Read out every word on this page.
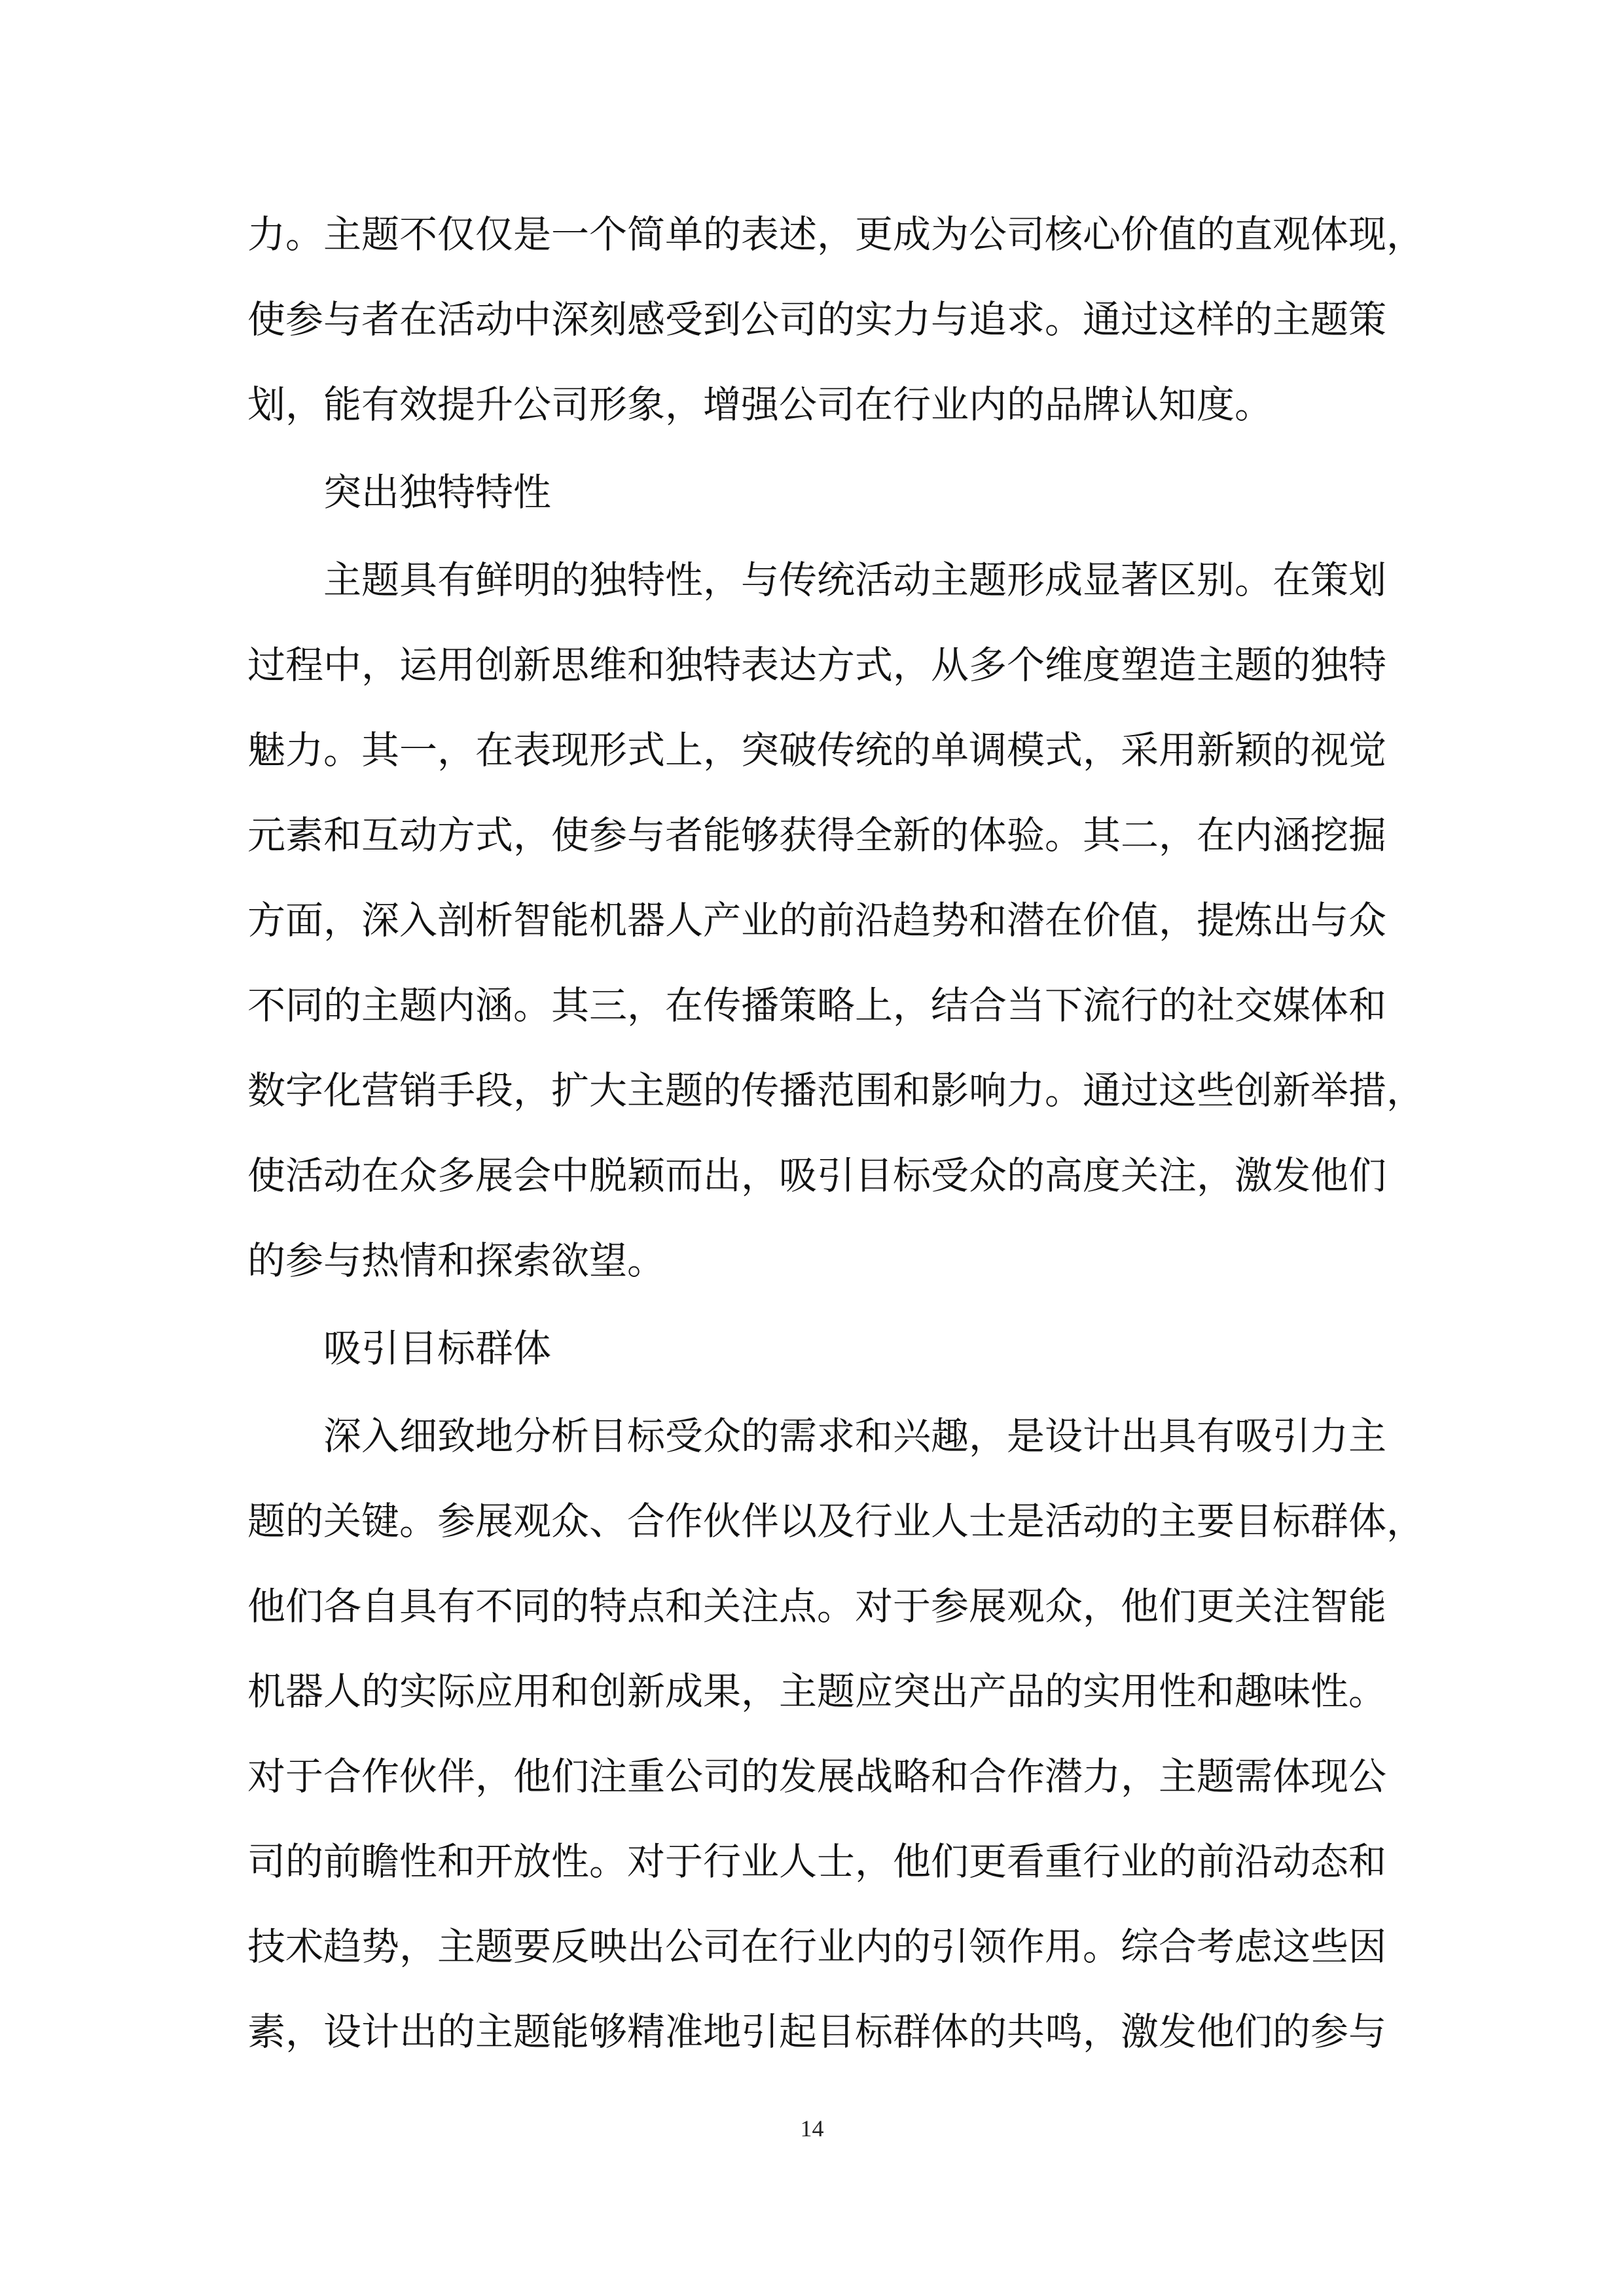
力。主题不仅仅是一个简单的表述，更成为公司核心价值的直观体现，
使参与者在活动中深刻感受到公司的实力与追求。通过这样的主题策
划，能有效提升公司形象，增强公司在行业内的品牌认知度。
突出独特特性
主题具有鲜明的独特性，与传统活动主题形成显著区别。在策划
过程中，运用创新思维和独特表达方式，从多个维度塑造主题的独特
魅力。其一，在表现形式上，突破传统的单调模式，采用新颖的视觉
元素和互动方式，使参与者能够获得全新的体验。其二，在内涵挖掘
方面，深入剖析智能机器人产业的前沿趋势和潜在价值，提炼出与众
不同的主题内涵。其三，在传播策略上，结合当下流行的社交媒体和
数字化营销手段，扩大主题的传播范围和影响力。通过这些创新举措，
使活动在众多展会中脱颖而出，吸引目标受众的高度关注，激发他们
的参与热情和探索欲望。
吸引目标群体
深入细致地分析目标受众的需求和兴趣，是设计出具有吸引力主
题的关键。参展观众、合作伙伴以及行业人士是活动的主要目标群体，
他们各自具有不同的特点和关注点。对于参展观众，他们更关注智能
机器人的实际应用和创新成果，主题应突出产品的实用性和趣味性。
对于合作伙伴，他们注重公司的发展战略和合作潜力，主题需体现公
司的前瞻性和开放性。对于行业人士，他们更看重行业的前沿动态和
技术趋势，主题要反映出公司在行业内的引领作用。综合考虑这些因
素，设计出的主题能够精准地引起目标群体的共鸣，激发他们的参与
14
